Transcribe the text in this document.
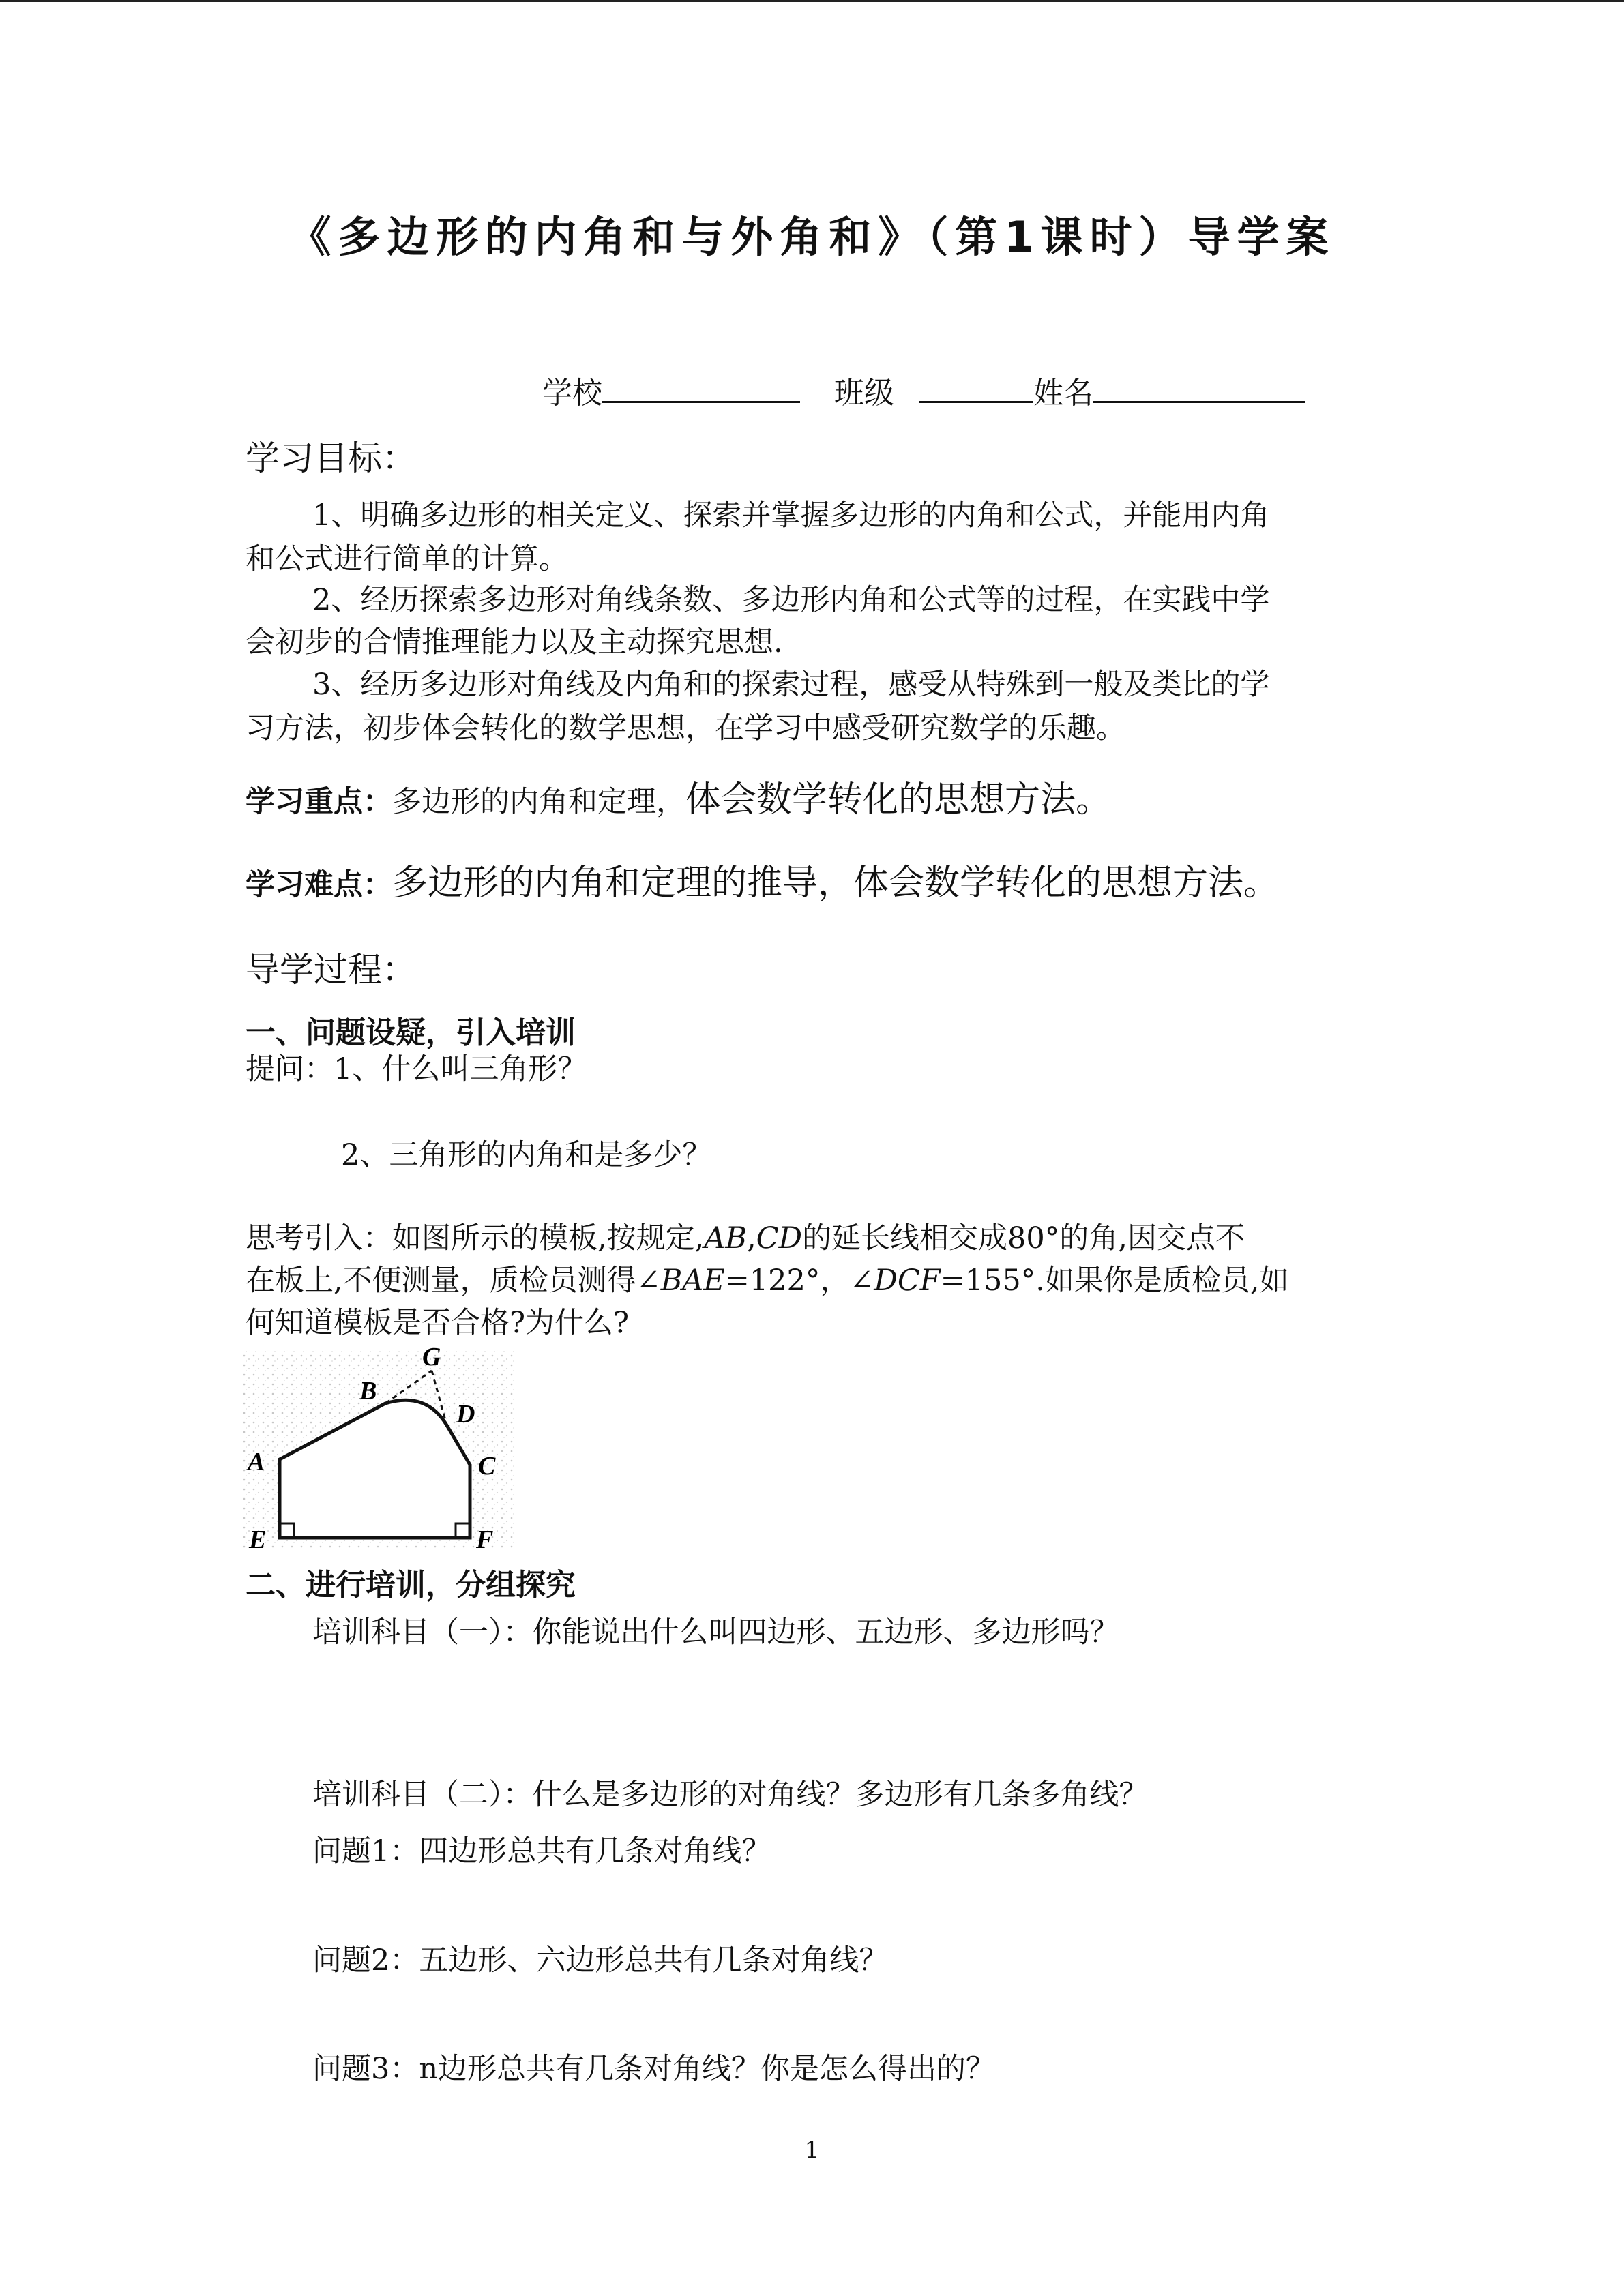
《多边形的内角和与外角和》（第1课时）导学案
学校	班级	姓名
学习目标：
1、明确多边形的相关定义、探索并掌握多边形的内角和公式，并能用内角
和公式进行简单的计算。
2、经历探索多边形对角线条数、多边形内角和公式等的过程，在实践中学
会初步的合情推理能力以及主动探究思想.
3、经历多边形对角线及内角和的探索过程，感受从特殊到一般及类比的学
习方法，初步体会转化的数学思想，在学习中感受研究数学的乐趣。
学习重点：多边形的内角和定理，体会数学转化的思想方法。
学习难点：多边形的内角和定理的推导，体会数学转化的思想方法。
导学过程：
一、问题设疑，引入培训
提问：1、什么叫三角形？
2、三角形的内角和是多少？
思考引入：如图所示的模板,按规定,AB,CD的延长线相交成80°的角,因交点不
在板上,不便测量，质检员测得∠BAE=122°，∠DCF=155°.如果你是质检员,如
何知道模板是否合格?为什么?
A
B
C
D
E	F
G
二、进行培训，分组探究
培训科目（一）：你能说出什么叫四边形、五边形、多边形吗？
培训科目（二）：什么是多边形的对角线？多边形有几条多角线？
问题1：四边形总共有几条对角线？
问题2：五边形、六边形总共有几条对角线？
问题3：n边形总共有几条对角线？你是怎么得出的？
1
